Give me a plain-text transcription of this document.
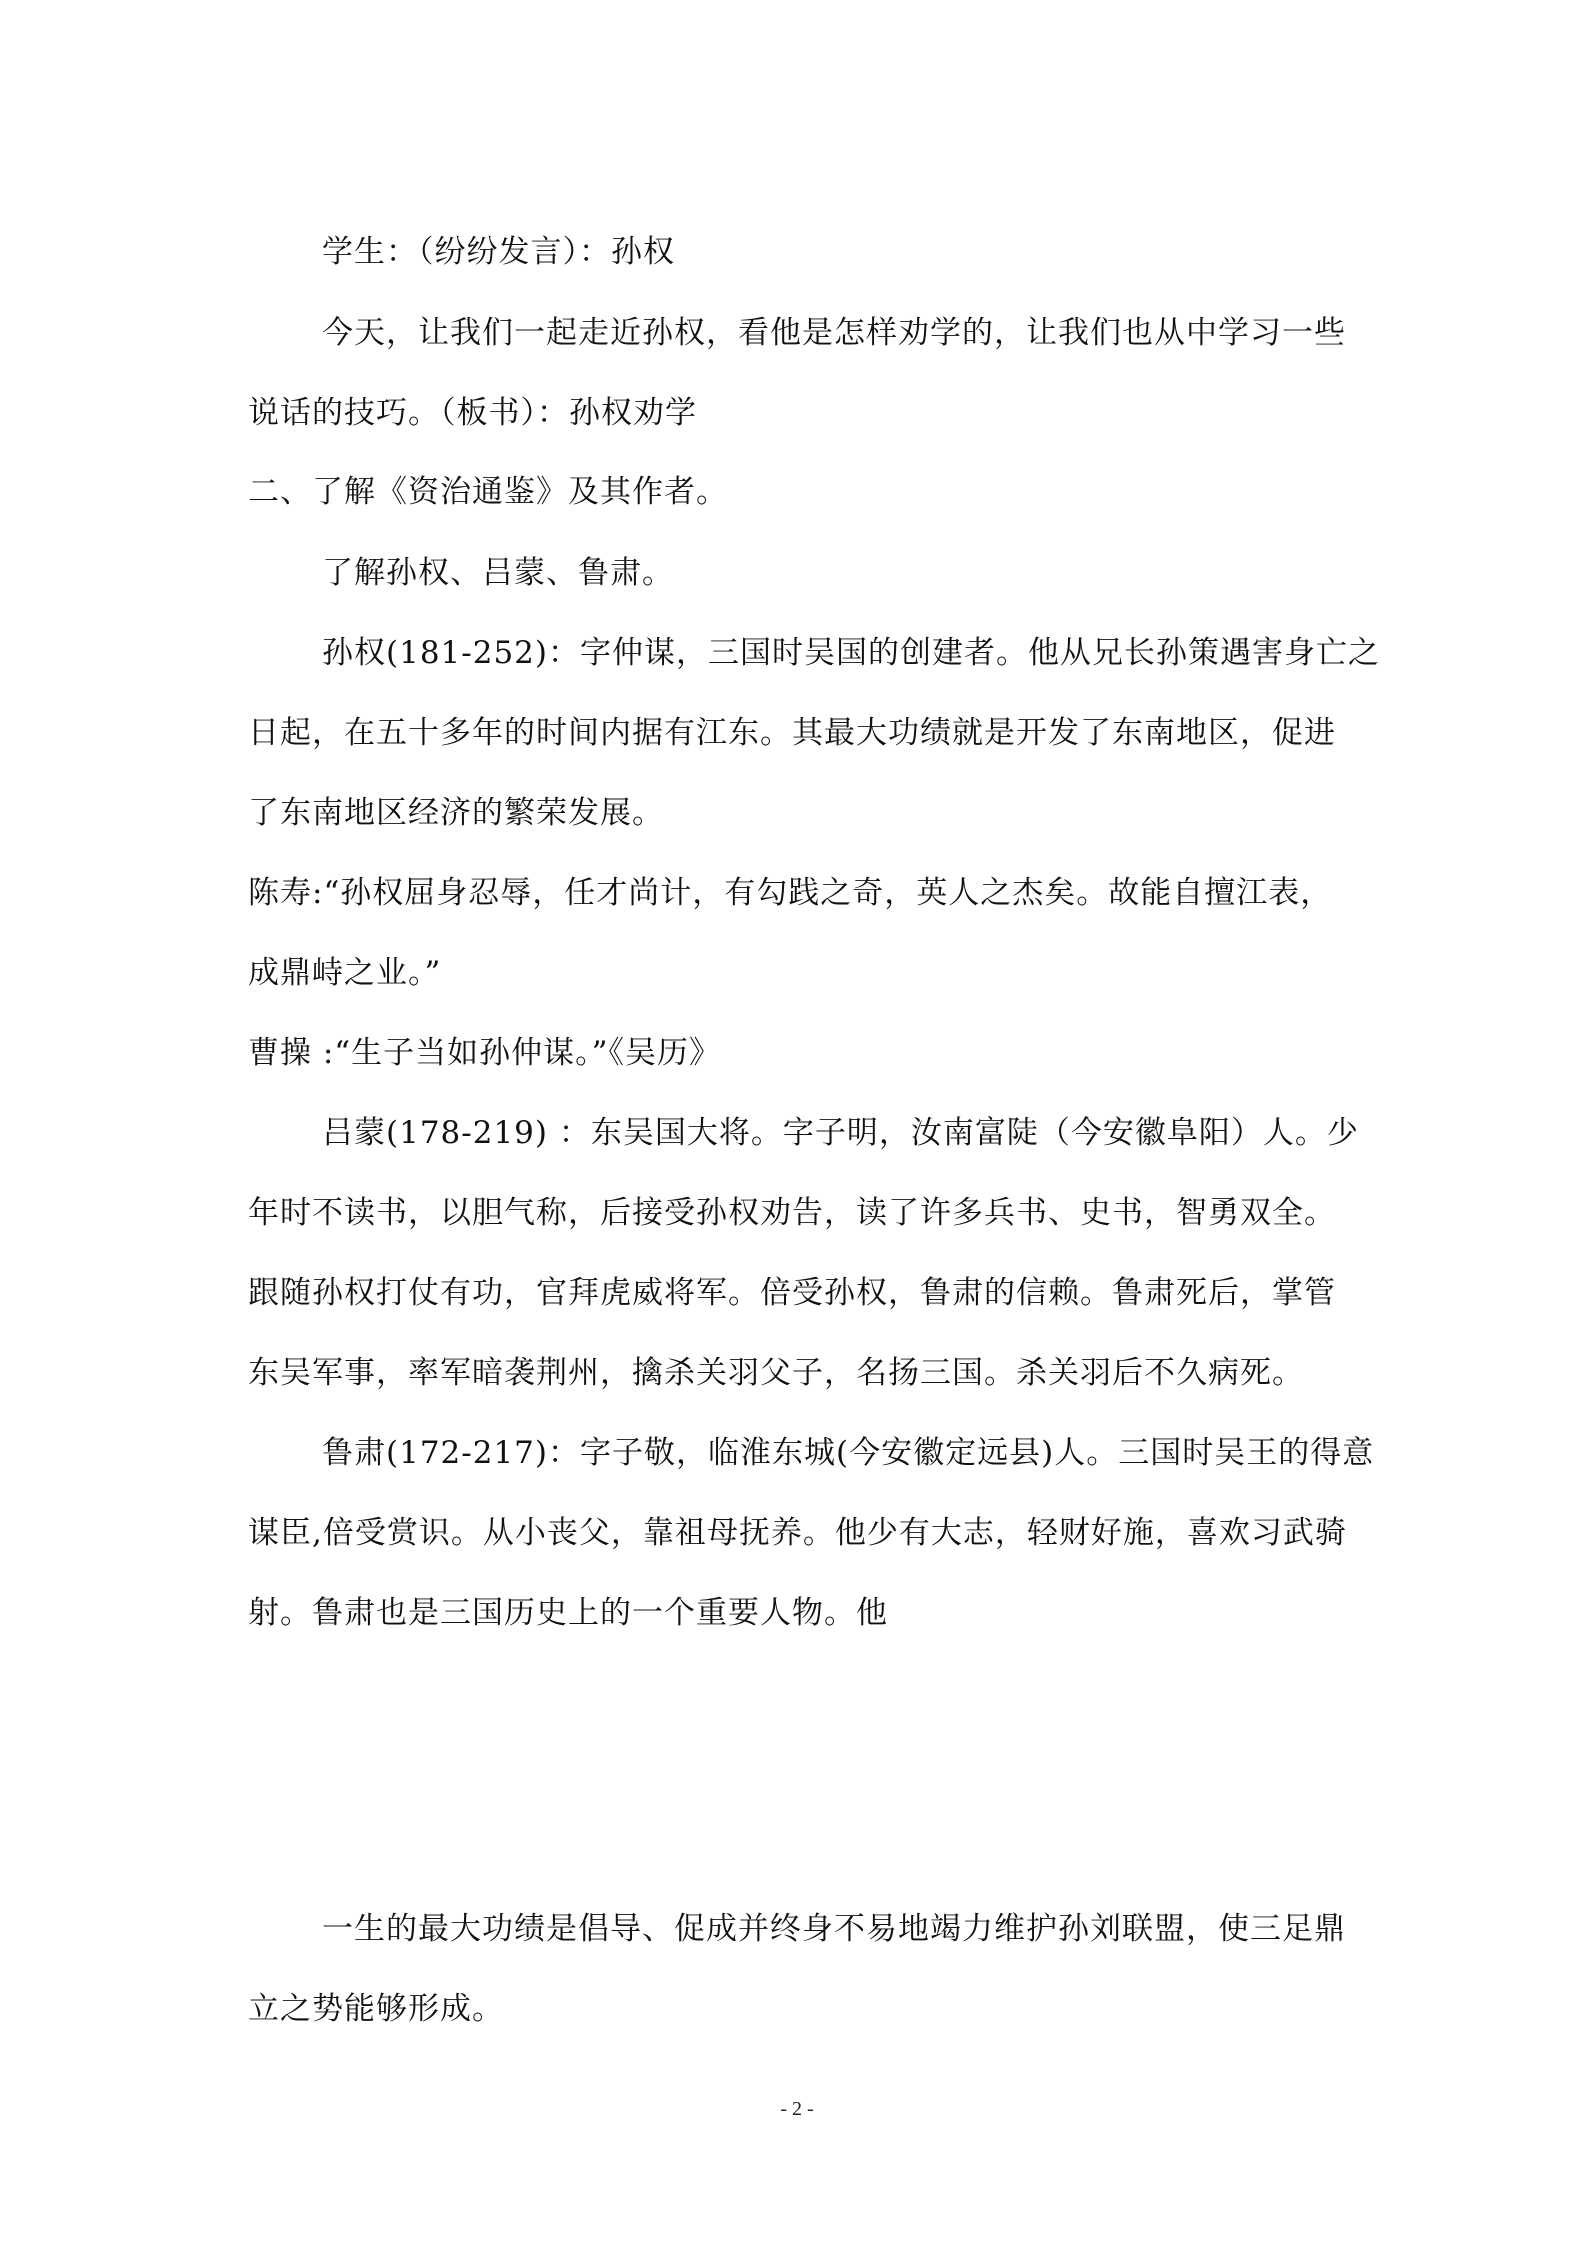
学生：（纷纷发言）：孙权
今天，让我们一起走近孙权，看他是怎样劝学的，让我们也从中学习一些
说话的技巧。（板书）：孙权劝学
二、了解《资治通鉴》及其作者。
了解孙权、吕蒙、鲁肃。
孙权(181-252)：字仲谋，三国时吴国的创建者。他从兄长孙策遇害身亡之
日起，在五十多年的时间内据有江东。其最大功绩就是开发了东南地区，促进
了东南地区经济的繁荣发展。
陈寿:“孙权屈身忍辱，任才尚计，有勾践之奇，英人之杰矣。故能自擅江表，
成鼎峙之业。”
曹操 :“生子当如孙仲谋。”《吴历》
吕蒙(178-219) ：东吴国大将。字子明，汝南富陡（今安徽阜阳）人。少
年时不读书，以胆气称，后接受孙权劝告，读了许多兵书、史书，智勇双全。
跟随孙权打仗有功，官拜虎威将军。倍受孙权，鲁肃的信赖。鲁肃死后，掌管
东吴军事，率军暗袭荆州，擒杀关羽父子，名扬三国。杀关羽后不久病死。
鲁肃(172-217)：字子敬，临淮东城(今安徽定远县)人。三国时吴王的得意
谋臣,倍受赏识。从小丧父，靠祖母抚养。他少有大志，轻财好施，喜欢习武骑
射。鲁肃也是三国历史上的一个重要人物。他
一生的最大功绩是倡导、促成并终身不易地竭力维护孙刘联盟，使三足鼎
立之势能够形成。
- 2 -
